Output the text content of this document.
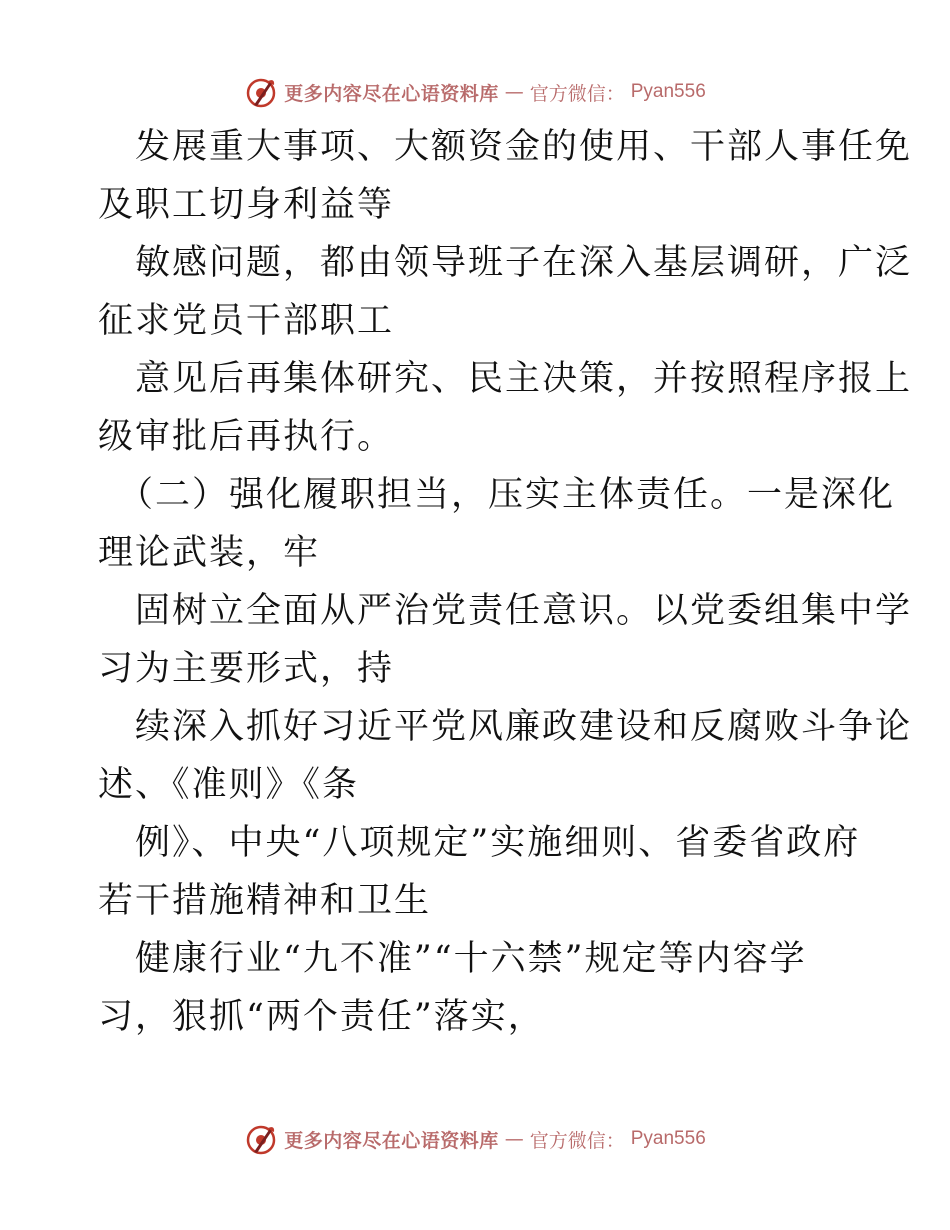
更多内容尽在心语资料库 — 官方微信： Pyan556
发展重大事项、大额资金的使用、干部人事任免
及职工切身利益等
敏感问题，都由领导班子在深入基层调研，广泛
征求党员干部职工
意见后再集体研究、民主决策，并按照程序报上
级审批后再执行。
（二）强化履职担当，压实主体责任。一是深化
理论武装，牢
固树立全面从严治党责任意识。以党委组集中学
习为主要形式，持
续深入抓好习近平党风廉政建设和反腐败斗争论
述、《准则》《条
例》、中央“八项规定”实施细则、省委省政府
若干措施精神和卫生
健康行业“九不准”“十六禁”规定等内容学
习，狠抓“两个责任”落实，
更多内容尽在心语资料库 — 官方微信： Pyan556
